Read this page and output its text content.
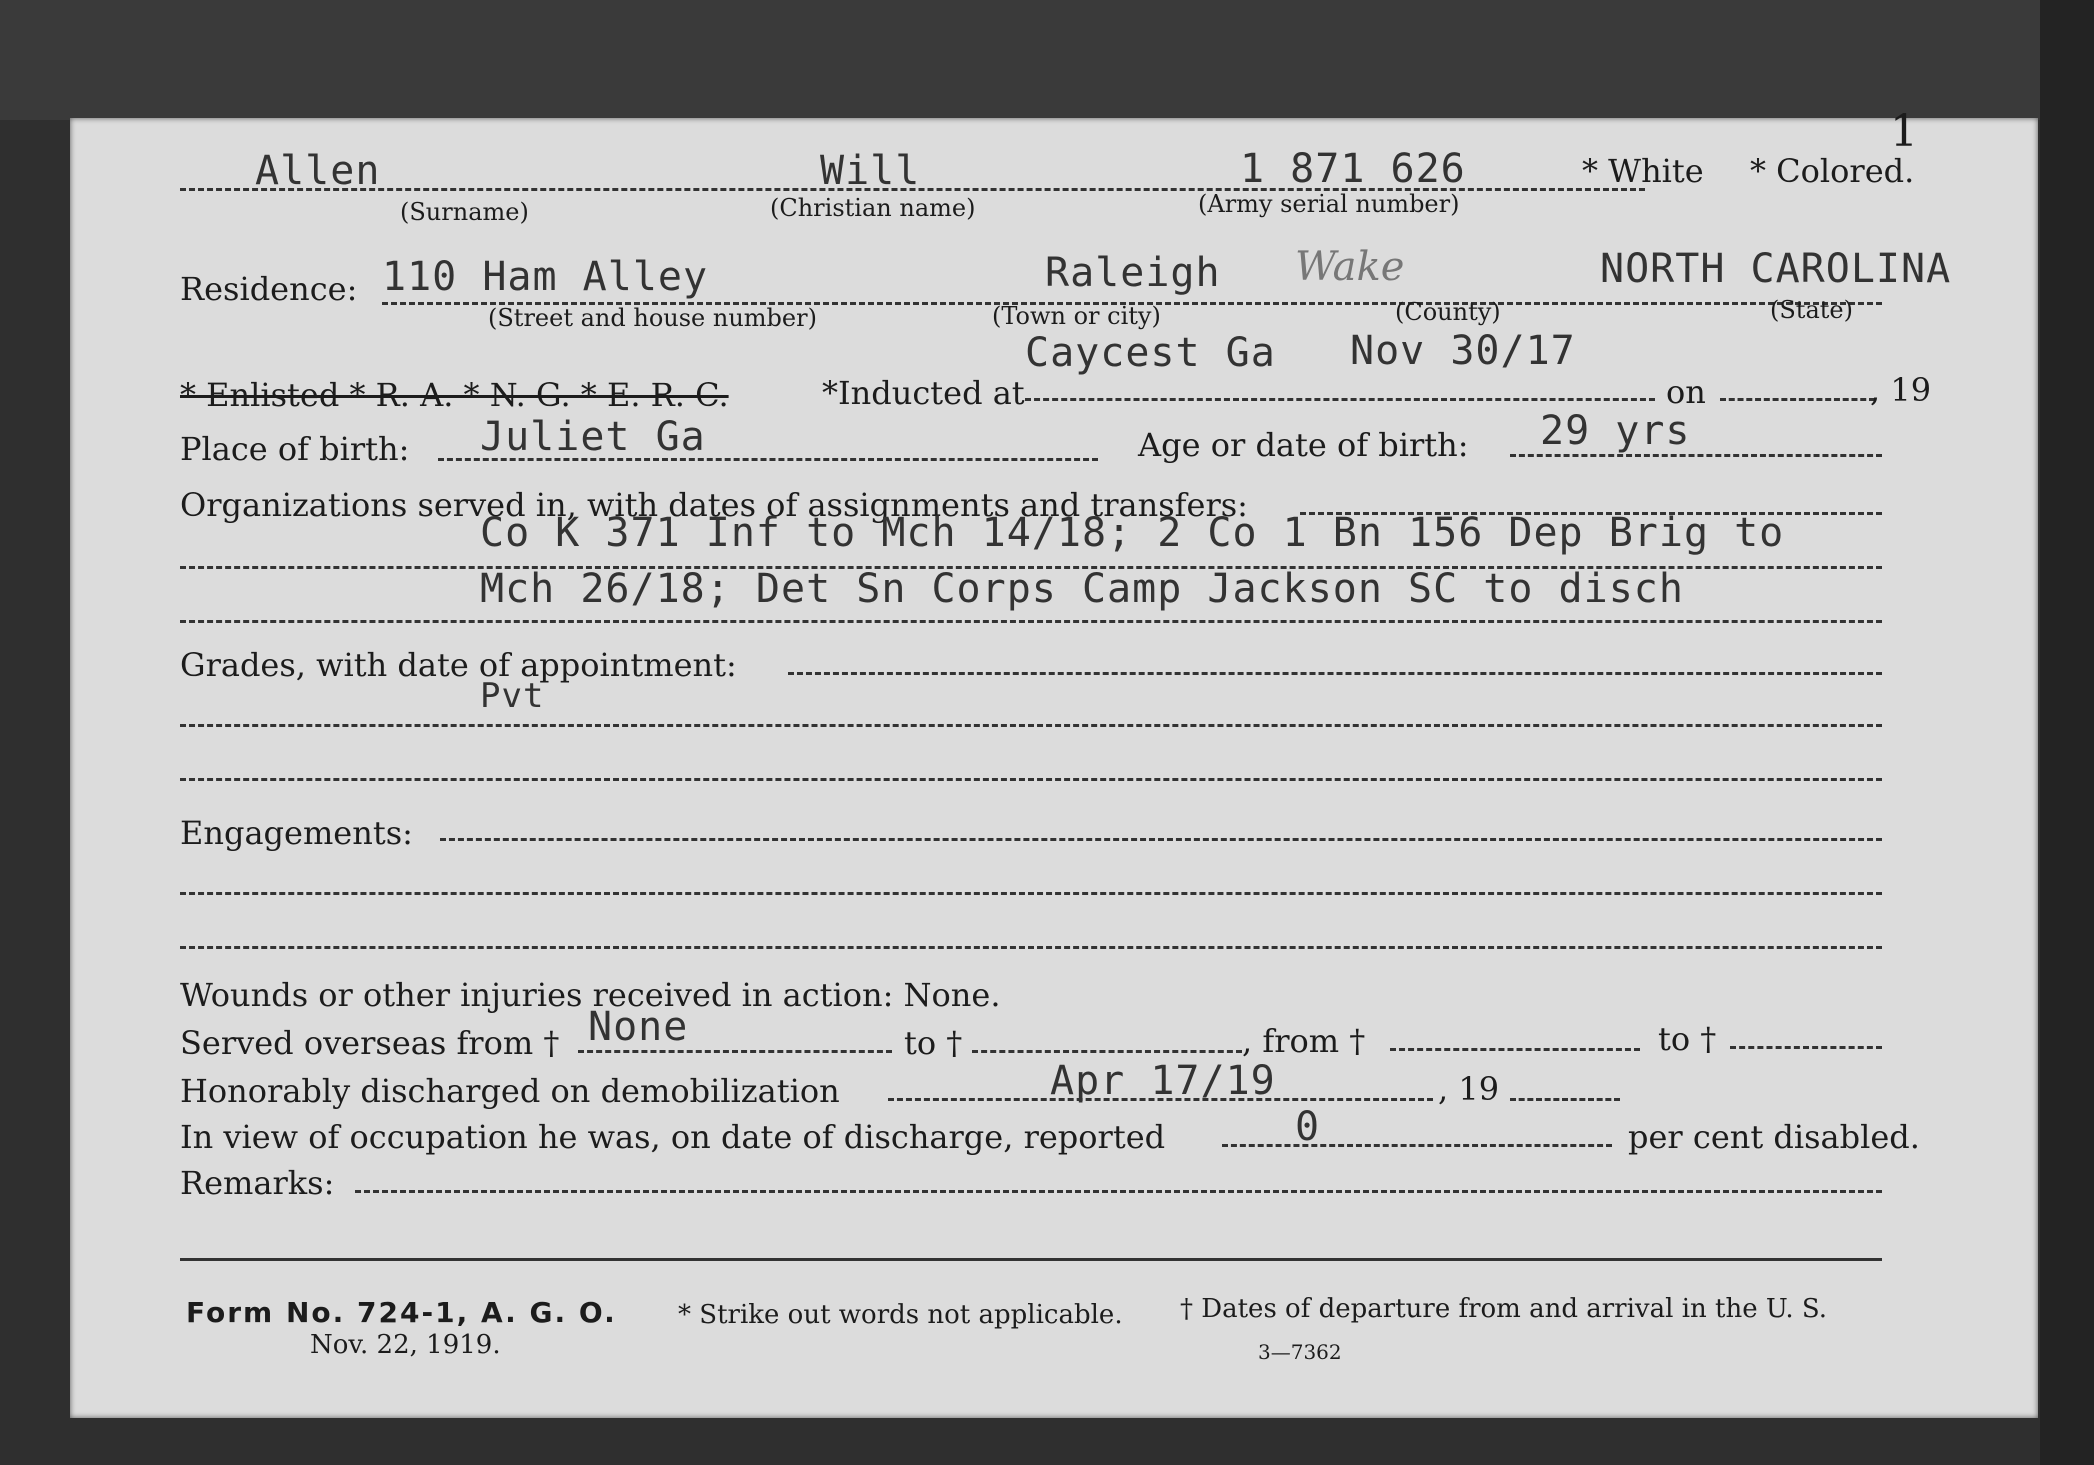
1
Allen	Will	1 871 626	* White * Colored.
(Surname)	(Christian name)	(Army serial number)
Residence: 110 Ham Alley	Raleigh Wake	NORTH CAROLINA
(Street and house number)	(Town or city)	(County)	(State)
Caycest Ga Nov 30/17
* Enlisted * R. A. * N. G. * E. R. C.	*Inducted at	on	, 19
Place of birth: Juliet Ga	Age or date of birth: 29 yrs
Organizations served in, with dates of assignments and transfers:
Co K 371 Inf to Mch 14/18; 2 Co 1 Bn 156 Dep Brig to
Mch 26/18; Det Sn Corps Camp Jackson SC to disch
Grades, with date of appointment:
Pvt
Engagements:
Wounds or other injuries received in action: None.
Served overseas from † None	to †	, from †	to †
Honorably discharged on demobilization	Apr 17/19	, 19
In view of occupation he was, on date of discharge, reported	0	per cent disabled.
Remarks:
Form No. 724-1, A. G. O.
Nov. 22, 1919.
* Strike out words not applicable. † Dates of departure from and arrival in the U. S.
3—7362
